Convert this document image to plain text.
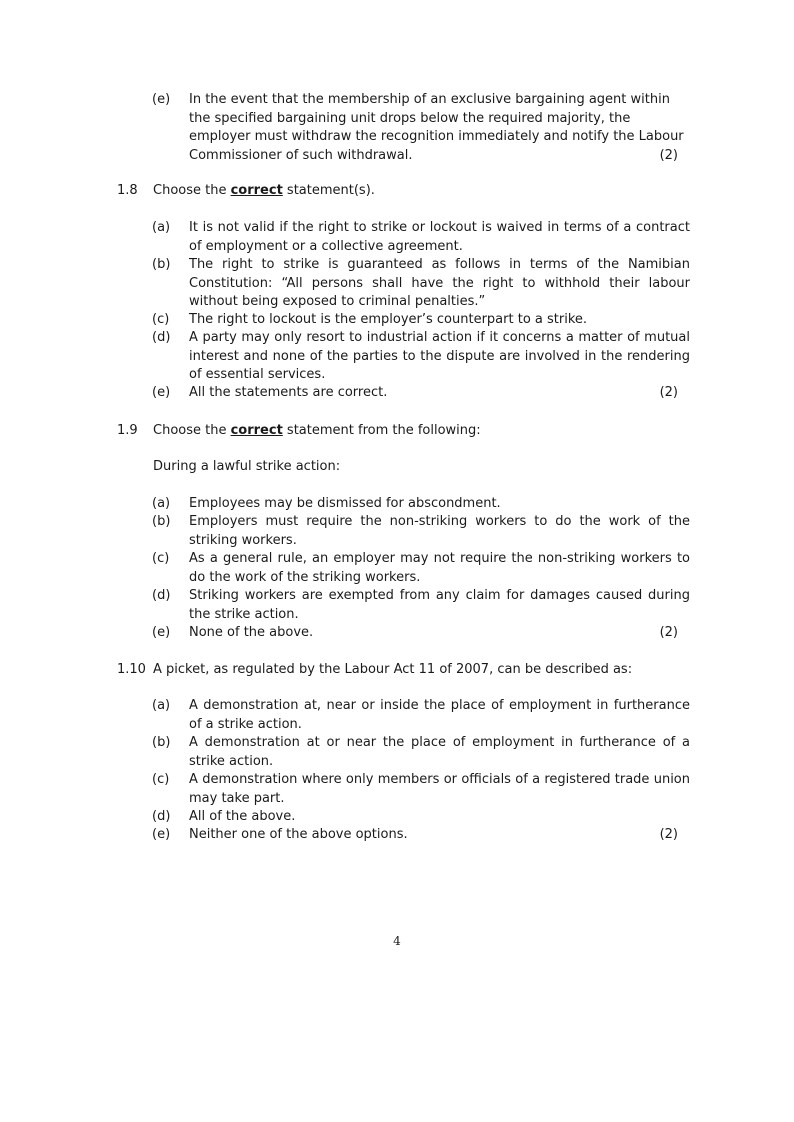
(e)	In the event that the membership of an exclusive bargaining agent within the specified bargaining unit drops below the required majority, the employer must withdraw the recognition immediately and notify the Labour Commissioner of such withdrawal.	(2)
1.8 Choose the correct statement(s).
(a)	It is not valid if the right to strike or lockout is waived in terms of a contract of employment or a collective agreement.
(b)	The right to strike is guaranteed as follows in terms of the Namibian Constitution: “All persons shall have the right to withhold their labour without being exposed to criminal penalties.”
(c)	The right to lockout is the employer’s counterpart to a strike.
(d)	A party may only resort to industrial action if it concerns a matter of mutual interest and none of the parties to the dispute are involved in the rendering of essential services.
(e)	All the statements are correct.	(2)
1.9 Choose the correct statement from the following:
During a lawful strike action:
(a)	Employees may be dismissed for abscondment.
(b)	Employers must require the non-striking workers to do the work of the striking workers.
(c)	As a general rule, an employer may not require the non-striking workers to do the work of the striking workers.
(d)	Striking workers are exempted from any claim for damages caused during the strike action.
(e)	None of the above.	(2)
1.10 A picket, as regulated by the Labour Act 11 of 2007, can be described as:
(a)	A demonstration at, near or inside the place of employment in furtherance of a strike action.
(b)	A demonstration at or near the place of employment in furtherance of a strike action.
(c)	A demonstration where only members or officials of a registered trade union may take part.
(d)	All of the above.
(e)	Neither one of the above options.	(2)
4
